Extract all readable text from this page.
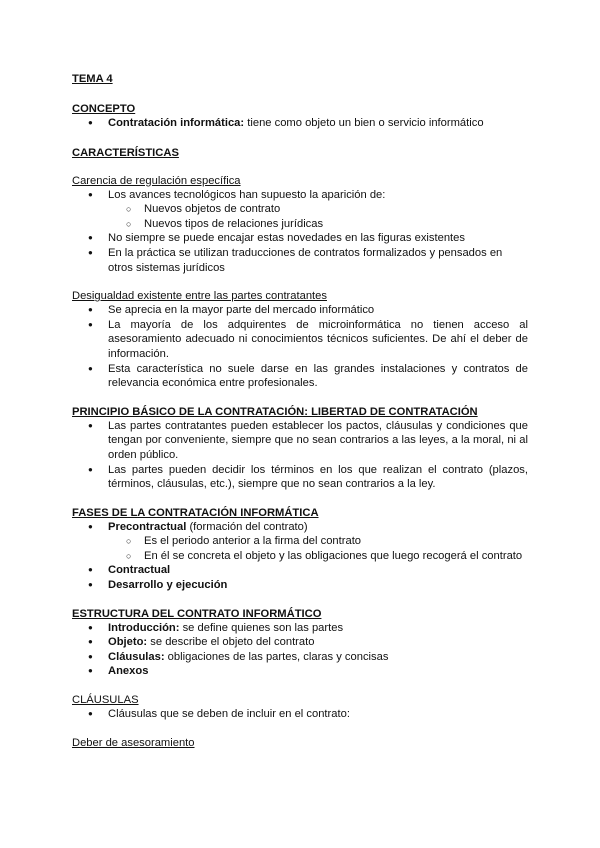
TEMA 4

CONCEPTO

● Contratación informática: tiene como objeto un bien o servicio informático

CARACTERÍSTICAS

Carencia de regulación específica

● Los avances tecnológicos han supuesto la aparición de:
○ Nuevos objetos de contrato
○ Nuevos tipos de relaciones jurídicas
● No siempre se puede encajar estas novedades en las figuras existentes
● En la práctica se utilizan traducciones de contratos formalizados y pensados en otros sistemas jurídicos

Desigualdad existente entre las partes contratantes

● Se aprecia en la mayor parte del mercado informático
● La mayoría de los adquirentes de microinformática no tienen acceso al asesoramiento adecuado ni conocimientos técnicos suficientes. De ahí el deber de información.
● Esta característica no suele darse en las grandes instalaciones y contratos de relevancia económica entre profesionales.

PRINCIPIO BÁSICO DE LA CONTRATACIÓN: LIBERTAD DE CONTRATACIÓN

● Las partes contratantes pueden establecer los pactos, cláusulas y condiciones que tengan por conveniente, siempre que no sean contrarios a las leyes, a la moral, ni al orden público.
● Las partes pueden decidir los términos en los que realizan el contrato (plazos, términos, cláusulas, etc.), siempre que no sean contrarios a la ley.

FASES DE LA CONTRATACIÓN INFORMÁTICA

● Precontractual (formación del contrato)
○ Es el periodo anterior a la firma del contrato
○ En él se concreta el objeto y las obligaciones que luego recogerá el contrato
● Contractual
● Desarrollo y ejecución

ESTRUCTURA DEL CONTRATO INFORMÁTICO

● Introducción: se define quienes son las partes
● Objeto: se describe el objeto del contrato
● Cláusulas: obligaciones de las partes, claras y concisas
● Anexos

CLÁUSULAS

● Cláusulas que se deben de incluir en el contrato:

Deber de asesoramiento
